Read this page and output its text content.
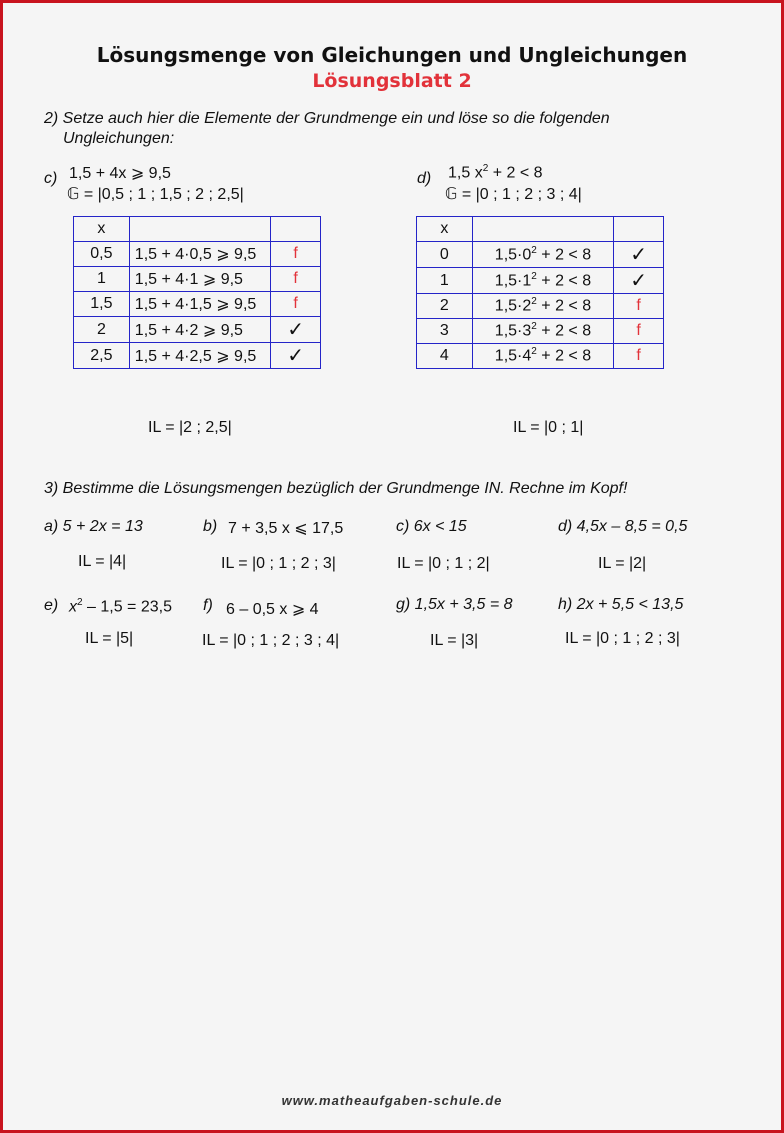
Lösungsmenge von Gleichungen und Ungleichungen
Lösungsblatt 2
2) Setze auch hier die Elemente der Grundmenge ein und löse so die folgenden
Ungleichungen:
c) 1,5 + 4x ⩾ 9,5
𝔾 = |0,5 ; 1 ; 1,5 ; 2 ; 2,5|
x		
0,5	1,5 + 4·0,5 ⩾ 9,5	f
1	1,5 + 4·1 ⩾ 9,5	f
1,5	1,5 + 4·1,5 ⩾ 9,5	f
2	1,5 + 4·2 ⩾ 9,5	✓
2,5	1,5 + 4·2,5 ⩾ 9,5	✓
IL = |2 ; 2,5|
d) 1,5 $x^2 + 2 < 8$
𝔾 = |0 ; 1 ; 2 ; 3 ; 4|
x		
0	$1,5\cdot 0^2 + 2 < 8$	✓
1	$1,5\cdot 1^2 + 2 < 8$	✓
2	$1,5\cdot 2^2 + 2 < 8$	f
3	$1,5\cdot 3^2 + 2 < 8$	f
4	$1,5\cdot 4^2 + 2 < 8$	f
IL = |0 ; 1|
3) Bestimme die Lösungsmengen bezüglich der Grundmenge IN. Rechne im Kopf!
a) 5 + 2x = 13
IL = |4|
b) 7 + 3,5 x ⩽ 17,5
IL = |0 ; 1 ; 2 ; 3|
c) 6x < 15
IL = |0 ; 1 ; 2|
d) 4,5x – 8,5 = 0,5
IL = |2|
e) $x^2 - 1,5 = 23,5$
IL = |5|
f) 6 – 0,5 x ⩾ 4
IL = |0 ; 1 ; 2 ; 3 ; 4|
g) 1,5x + 3,5 = 8
IL = |3|
h) 2x + 5,5 < 13,5
IL = |0 ; 1 ; 2 ; 3|
www.matheaufgaben-schule.de
